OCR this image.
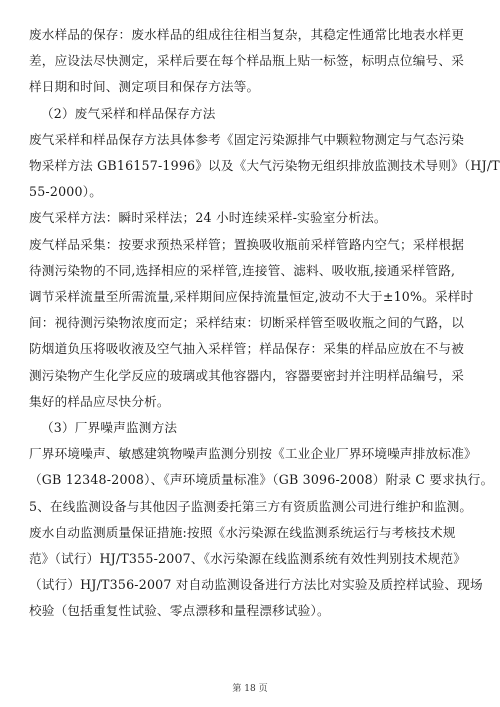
废水样品的保存：废水样品的组成往往相当复杂，其稳定性通常比地表水样更
差，应设法尽快测定，采样后要在每个样品瓶上贴一标签，标明点位编号、采
样日期和时间、测定项目和保存方法等。

（2）废气采样和样品保存方法

废气采样和样品保存方法具体参考《固定污染源排气中颗粒物测定与气态污染
物采样方法 GB16157-1996》以及《大气污染物无组织排放监测技术导则》（HJ/T
55-2000）。

废气采样方法：瞬时采样法；24 小时连续采样-实验室分析法。

废气样品采集：按要求预热采样管；置换吸收瓶前采样管路内空气；采样根据
待测污染物的不同,选择相应的采样管,连接管、滤料、吸收瓶,接通采样管路,
调节采样流量至所需流量,采样期间应保持流量恒定,波动不大于±10%。采样时
间：视待测污染物浓度而定；采样结束：切断采样管至吸收瓶之间的气路，以
防烟道负压将吸收液及空气抽入采样管；样品保存：采集的样品应放在不与被
测污染物产生化学反应的玻璃或其他容器内，容器要密封并注明样品编号，采
集好的样品应尽快分析。

（3）厂界噪声监测方法

厂界环境噪声、敏感建筑物噪声监测分别按《工业企业厂界环境噪声排放标准》
（GB 12348-2008）、《声环境质量标准》（GB 3096-2008）附录 C 要求执行。

5、在线监测设备与其他因子监测委托第三方有资质监测公司进行维护和监测。

废水自动监测质量保证措施:按照《水污染源在线监测系统运行与考核技术规
范》（试行）HJ/T355-2007、《水污染源在线监测系统有效性判别技术规范》
（试行）HJ/T356-2007 对自动监测设备进行方法比对实验及质控样试验、现场
校验（包括重复性试验、零点漂移和量程漂移试验）。

第 18 页
